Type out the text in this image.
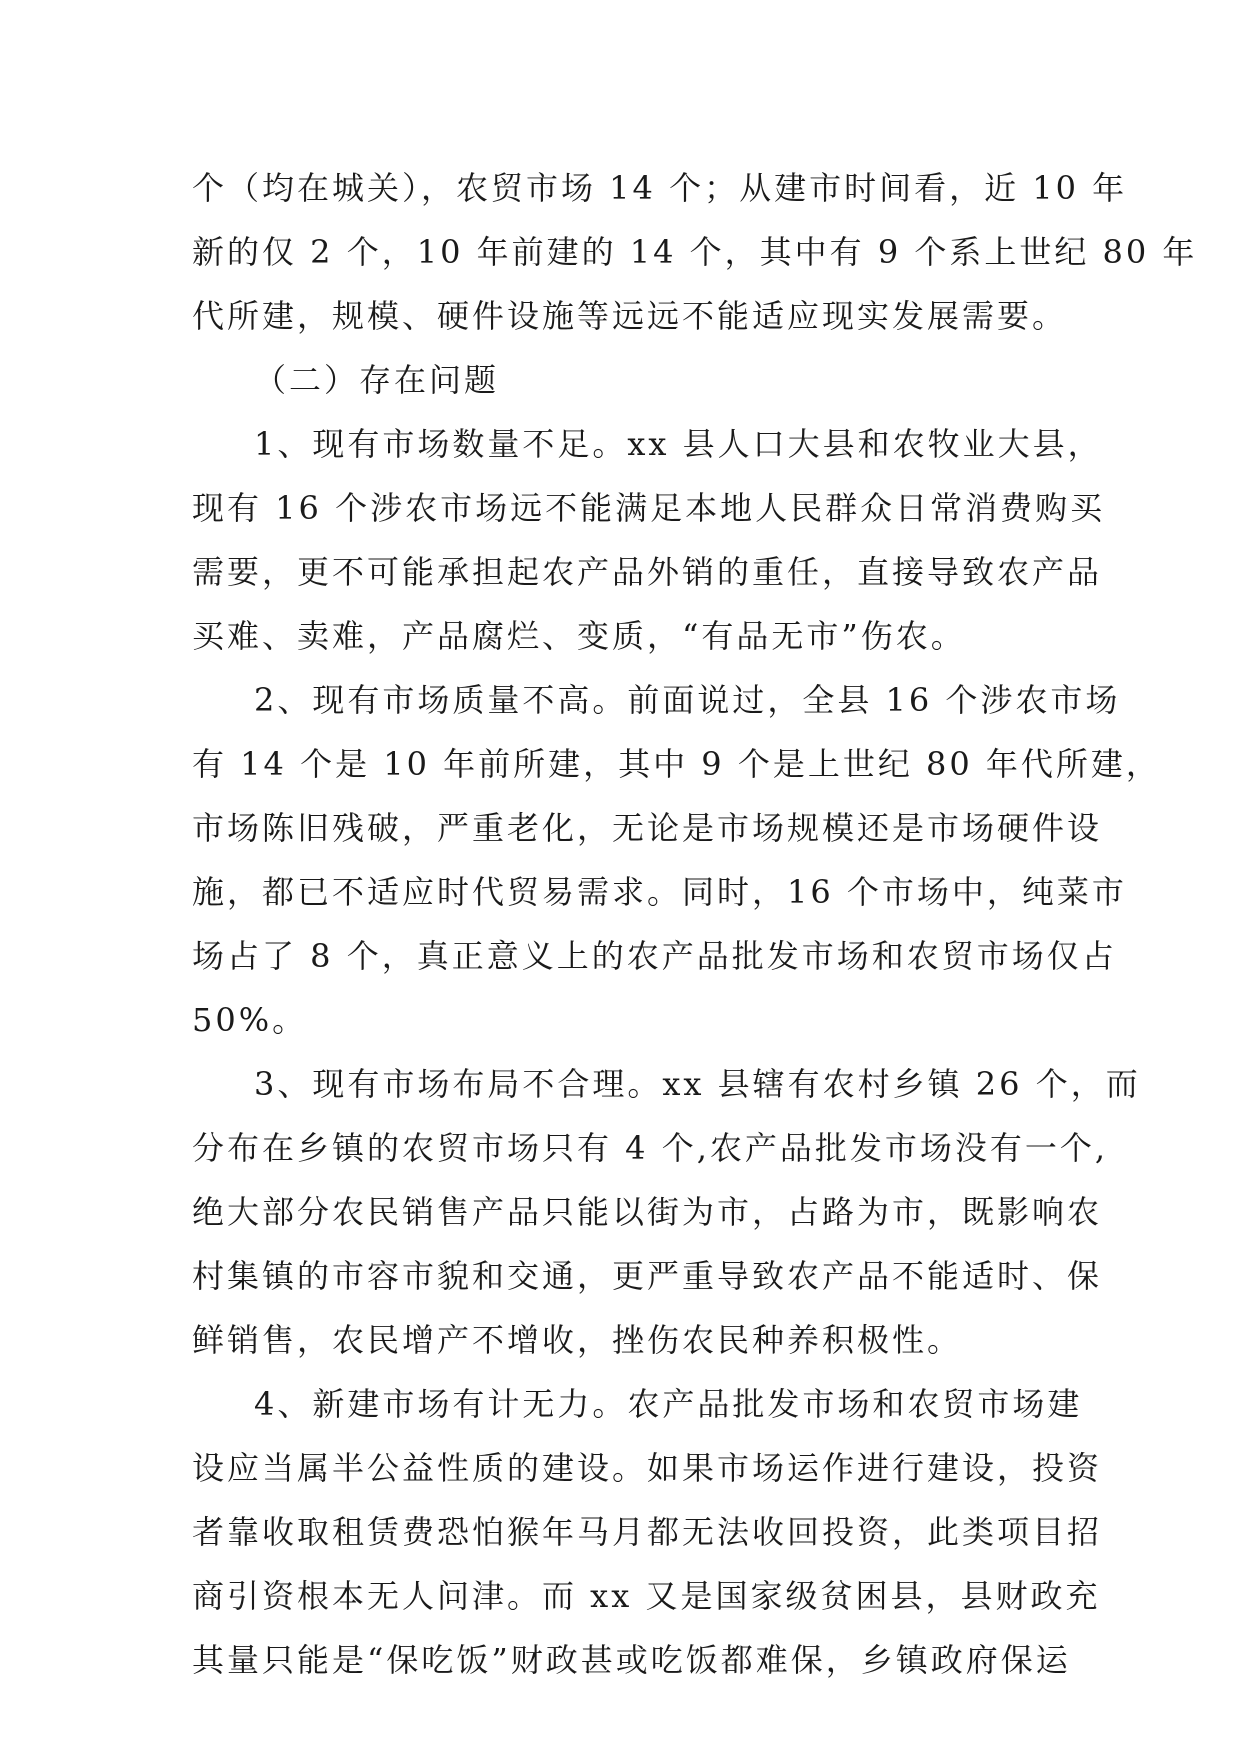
个（均在城关），农贸市场 14 个；从建市时间看，近 10 年
新的仅 2 个，10 年前建的 14 个，其中有 9 个系上世纪 80 年
代所建，规模、硬件设施等远远不能适应现实发展需要。
（二）存在问题
1、现有市场数量不足。xx 县人口大县和农牧业大县，
现有 16 个涉农市场远不能满足本地人民群众日常消费购买
需要，更不可能承担起农产品外销的重任，直接导致农产品
买难、卖难，产品腐烂、变质，“有品无市”伤农。
2、现有市场质量不高。前面说过，全县 16 个涉农市场
有 14 个是 10 年前所建，其中 9 个是上世纪 80 年代所建，
市场陈旧残破，严重老化，无论是市场规模还是市场硬件设
施，都已不适应时代贸易需求。同时，16 个市场中，纯菜市
场占了 8 个，真正意义上的农产品批发市场和农贸市场仅占
50%。
3、现有市场布局不合理。xx 县辖有农村乡镇 26 个，而
分布在乡镇的农贸市场只有 4 个,农产品批发市场没有一个,
绝大部分农民销售产品只能以街为市，占路为市，既影响农
村集镇的市容市貌和交通，更严重导致农产品不能适时、保
鲜销售，农民增产不增收，挫伤农民种养积极性。
4、新建市场有计无力。农产品批发市场和农贸市场建
设应当属半公益性质的建设。如果市场运作进行建设，投资
者靠收取租赁费恐怕猴年马月都无法收回投资，此类项目招
商引资根本无人问津。而 xx 又是国家级贫困县，县财政充
其量只能是“保吃饭”财政甚或吃饭都难保，乡镇政府保运
